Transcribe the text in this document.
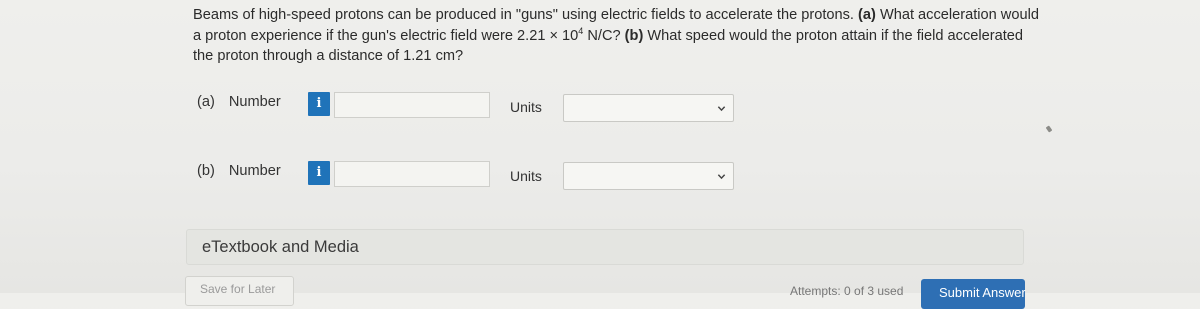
Beams of high-speed protons can be produced in "guns" using electric fields to accelerate the protons. (a) What acceleration would a proton experience if the gun's electric field were $2.21 \times 10^4$ N/C? (b) What speed would the proton attain if the field accelerated the proton through a distance of 1.21 cm?
(a) Number	i	Units
(b) Number	i	Units
eTextbook and Media
Save for Later	Attempts: 0 of 3 used	Submit Answer
